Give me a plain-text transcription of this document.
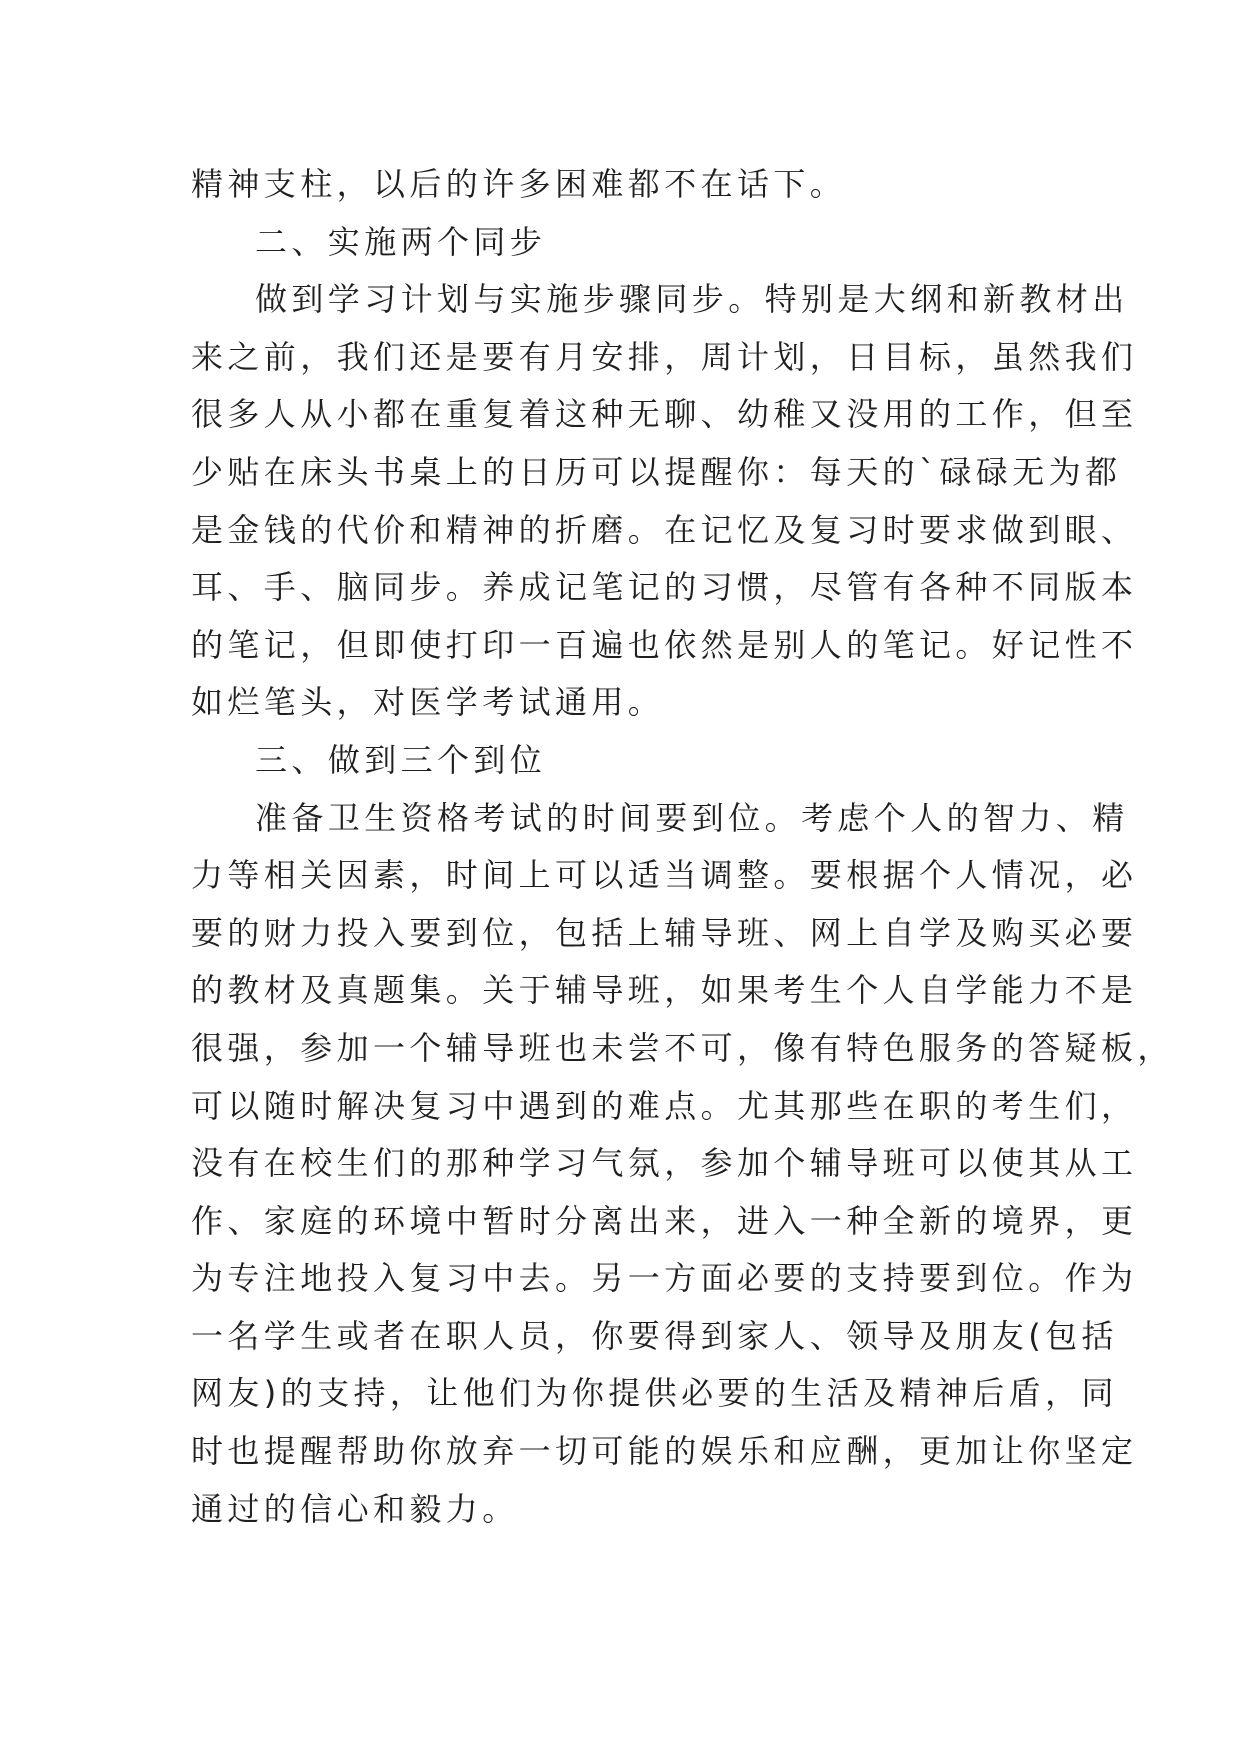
精神支柱，以后的许多困难都不在话下。
二、实施两个同步
做到学习计划与实施步骤同步。特别是大纲和新教材出
来之前，我们还是要有月安排，周计划，日目标，虽然我们
很多人从小都在重复着这种无聊、幼稚又没用的工作，但至
少贴在床头书桌上的日历可以提醒你：每天的`碌碌无为都
是金钱的代价和精神的折磨。在记忆及复习时要求做到眼、
耳、手、脑同步。养成记笔记的习惯，尽管有各种不同版本
的笔记，但即使打印一百遍也依然是别人的笔记。好记性不
如烂笔头，对医学考试通用。
三、做到三个到位
准备卫生资格考试的时间要到位。考虑个人的智力、精
力等相关因素，时间上可以适当调整。要根据个人情况，必
要的财力投入要到位，包括上辅导班、网上自学及购买必要
的教材及真题集。关于辅导班，如果考生个人自学能力不是
很强，参加一个辅导班也未尝不可，像有特色服务的答疑板，
可以随时解决复习中遇到的难点。尤其那些在职的考生们，
没有在校生们的那种学习气氛，参加个辅导班可以使其从工
作、家庭的环境中暂时分离出来，进入一种全新的境界，更
为专注地投入复习中去。另一方面必要的支持要到位。作为
一名学生或者在职人员，你要得到家人、领导及朋友(包括
网友)的支持，让他们为你提供必要的生活及精神后盾，同
时也提醒帮助你放弃一切可能的娱乐和应酬，更加让你坚定
通过的信心和毅力。
